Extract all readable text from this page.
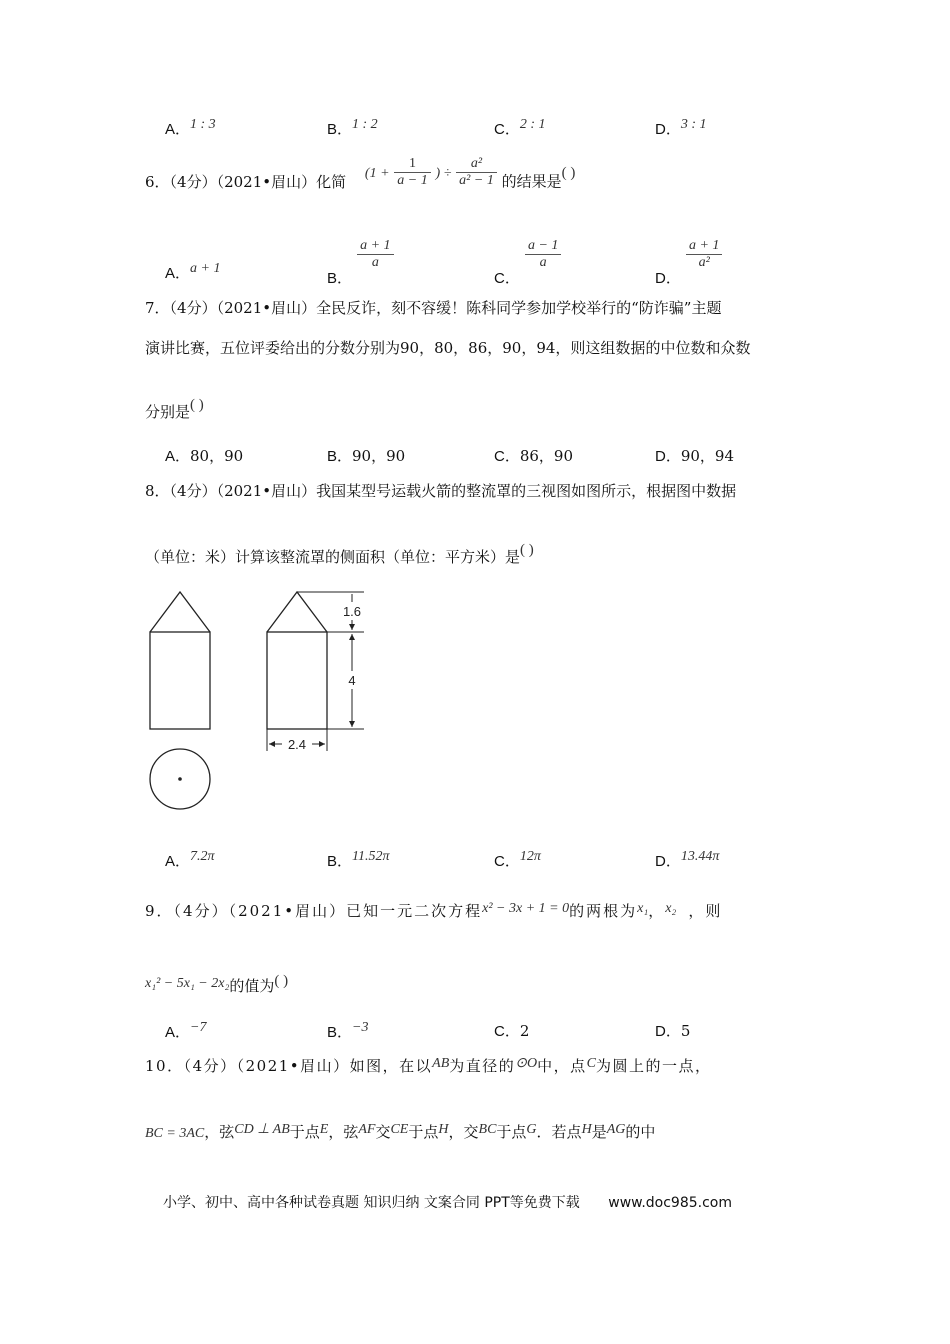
A．1 : 3	B．1 : 2	C．2 : 1	D．3 : 1
6．（4分）（2021•眉山）化简 ($1 + \frac{1}{a - 1}$ ) ÷ $\frac{\text{a²}}{\text{a² − 1}}$ 的结果是( )
A．a + 1
B．
$\frac{a + 1}{a}$
C．
$\frac{a - 1}{a}$
D．
$\frac{a + 1}{\text{a²}}$
7．（4分）（2021•眉山）全民反诈，刻不容缓！陈科同学参加学校举行的“防诈骗”主题
演讲比赛，五位评委给出的分数分别为90，80，86，90，94，则这组数据的中位数和众数
分别是( )
A．80，90	B．90，90	C．86，90	D．90，94
8．（4分）（2021•眉山）我国某型号运载火箭的整流罩的三视图如图所示，根据图中数据
（单位：米）计算该整流罩的侧面积（单位：平方米）是( )
1.6
4
2.4
A．7.2π	B．11.52π	C．12π	D．13.44π
9．（4分）（2021•眉山）已知一元二次方程x² − 3x + 1 = 0的两根为x₁，x₂ ，则
x₁² − 5x₁ − 2x₂的值为( )
A．−7	B．−3	C．2	D．5
10．（4分）（2021•眉山）如图，在以AB为直径的⊙O中，点C为圆上的一点，
BC = 3AC，弦CD ⊥ AB于点E，弦AF交CE于点H，交BC于点G．若点H是AG的中
小学、初中、高中各种试卷真题 知识归纳 文案合同 PPT等免费下载 www.doc985.com
